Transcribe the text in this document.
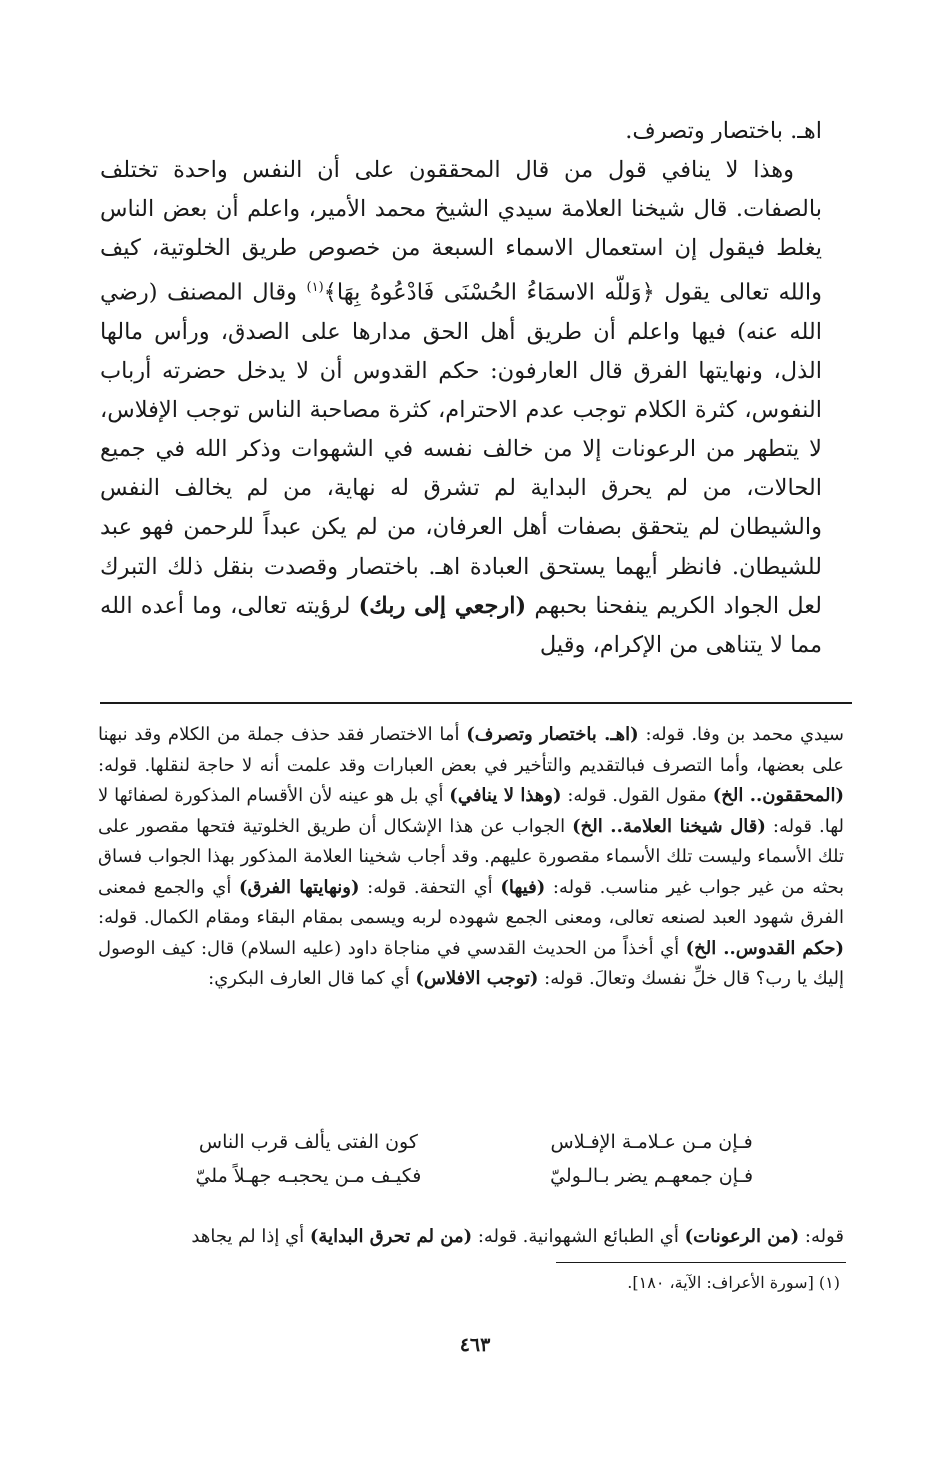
اهـ. باختصار وتصرف.
وهذا لا ينافي قول من قال المحققون على أن النفس واحدة تختلف بالصفات. قال شيخنا العلامة سيدي الشيخ محمد الأمير، واعلم أن بعض الناس يغلط فيقول إن استعمال الاسماء السبعة من خصوص طريق الخلوتية، كيف والله تعالى يقول ﴿وَللّه الاسمَاءُ الحُسْنَى فَادْعُوهُ بِهَا﴾$^{(١)}$ وقال المصنف (رضي الله عنه) فيها واعلم أن طريق أهل الحق مدارها على الصدق، ورأس مالها الذل، ونهايتها الفرق قال العارفون: حكم القدوس أن لا يدخل حضرته أرباب النفوس، كثرة الكلام توجب عدم الاحترام، كثرة مصاحبة الناس توجب الإفلاس، لا يتطهر من الرعونات إلا من خالف نفسه في الشهوات وذكر الله في جميع الحالات، من لم يحرق البداية لم تشرق له نهاية، من لم يخالف النفس والشيطان لم يتحقق بصفات أهل العرفان، من لم يكن عبداً للرحمن فهو عبد للشيطان. فانظر أيهما يستحق العبادة اهـ. باختصار وقصدت بنقل ذلك التبرك لعل الجواد الكريم ينفحنا بحبهم (ارجعي إلى ربك) لرؤيته تعالى، وما أعده الله مما لا يتناهى من الإكرام، وقيل
سيدي محمد بن وفا. قوله: (اهـ. باختصار وتصرف) أما الاختصار فقد حذف جملة من الكلام وقد نبهنا على بعضها، وأما التصرف فبالتقديم والتأخير في بعض العبارات وقد علمت أنه لا حاجة لنقلها. قوله: (المحققون.. الخ) مقول القول. قوله: (وهذا لا ينافي) أي بل هو عينه لأن الأقسام المذكورة لصفائها لا لها. قوله: (قال شيخنا العلامة.. الخ) الجواب عن هذا الإشكال أن طريق الخلوتية فتحها مقصور على تلك الأسماء وليست تلك الأسماء مقصورة عليهم. وقد أجاب شخينا العلامة المذكور بهذا الجواب فساق بحثه من غير جواب غير مناسب. قوله: (فيها) أي التحفة. قوله: (ونهايتها الفرق) أي والجمع فمعنى الفرق شهود العبد لصنعه تعالى، ومعنى الجمع شهوده لربه ويسمى بمقام البقاء ومقام الكمال. قوله: (حكم القدوس.. الخ) أي أخذاً من الحديث القدسي في مناجاة داود (عليه السلام) قال: كيف الوصول إليك يا رب؟ قال خلِّ نفسك وتعالَ. قوله: (توجب الافلاس) أي كما قال العارف البكري:
فـإن مـن عـلامـة الإفـلاس
كون الفتى يألف قرب الناس
فـإن جمعهـم يضر بـالـوليّ
فكيـف مـن يحجبـه جهـلاً مليّ
قوله: (من الرعونات) أي الطبائع الشهوانية. قوله: (من لم تحرق البداية) أي إذا لم يجاهد
(١) [سورة الأعراف: الآية، ١٨٠].
٤٦٣
